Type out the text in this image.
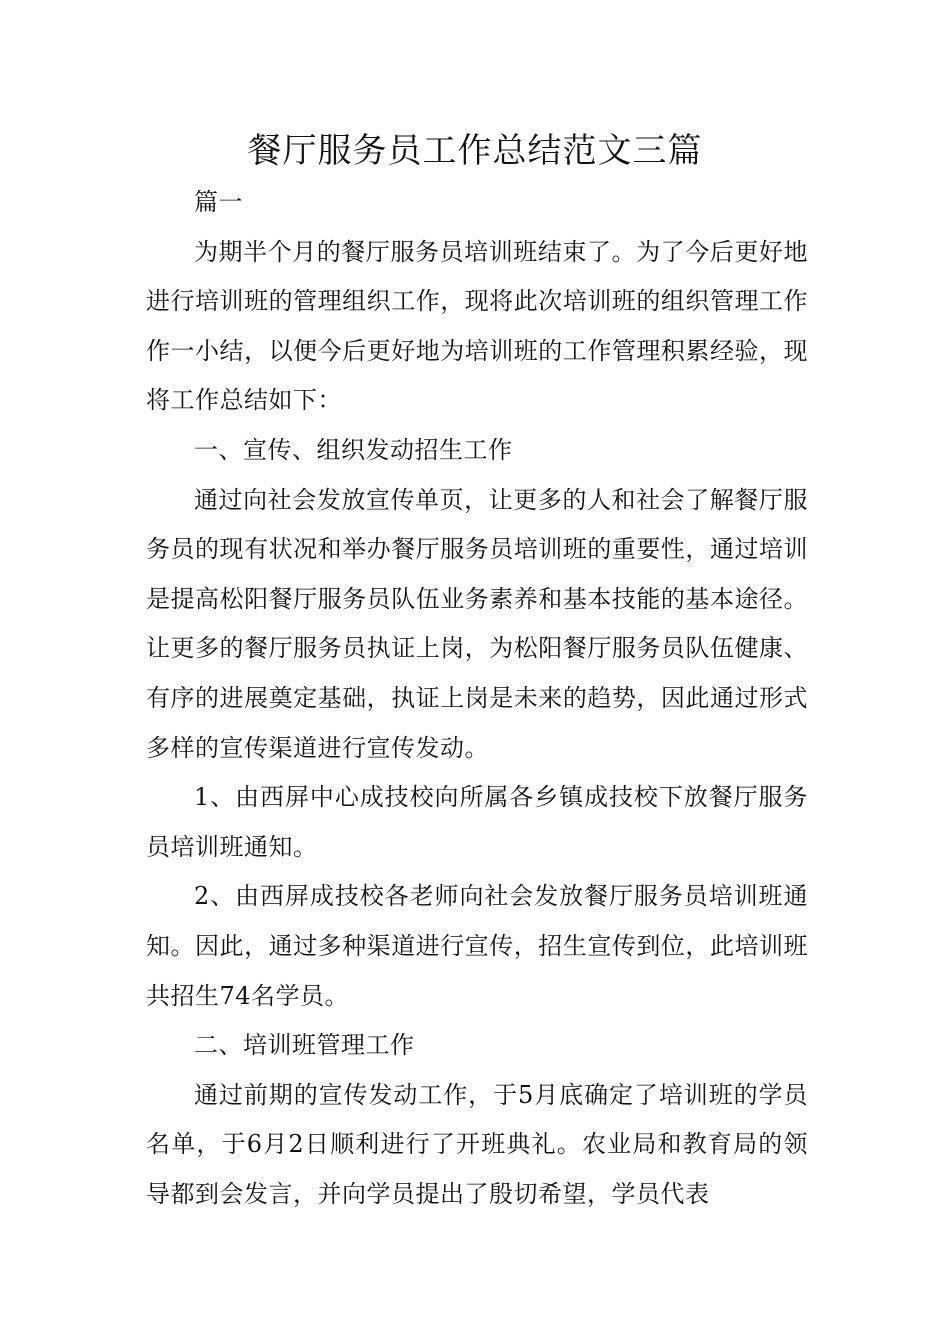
餐厅服务员工作总结范文三篇

篇一

为期半个月的餐厅服务员培训班结束了。为了今后更好地进行培训班的管理组织工作，现将此次培训班的组织管理工作作一小结，以便今后更好地为培训班的工作管理积累经验，现将工作总结如下：

一、宣传、组织发动招生工作

通过向社会发放宣传单页，让更多的人和社会了解餐厅服务员的现有状况和举办餐厅服务员培训班的重要性，通过培训是提高松阳餐厅服务员队伍业务素养和基本技能的基本途径。让更多的餐厅服务员执证上岗，为松阳餐厅服务员队伍健康、有序的进展奠定基础，执证上岗是未来的趋势，因此通过形式多样的宣传渠道进行宣传发动。

1、由西屏中心成技校向所属各乡镇成技校下放餐厅服务员培训班通知。

2、由西屏成技校各老师向社会发放餐厅服务员培训班通知。因此，通过多种渠道进行宣传，招生宣传到位，此培训班共招生74名学员。

二、培训班管理工作

通过前期的宣传发动工作，于5月底确定了培训班的学员名单，于6月2日顺利进行了开班典礼。农业局和教育局的领导都到会发言，并向学员提出了殷切希望，学员代表
